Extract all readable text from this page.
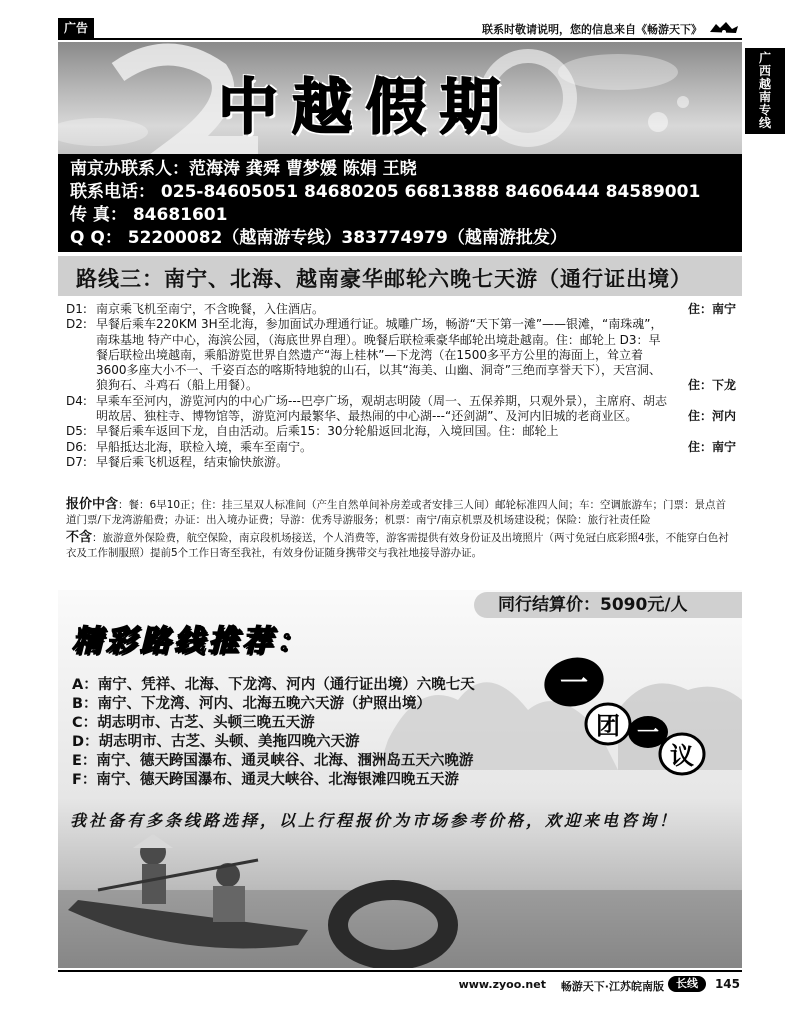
广告	联系时敬请说明，您的信息来自《畅游天下》
广
西
越
南
专
线
中越假期
南京办联系人：范海涛 龚舜 曹梦媛 陈娟 王晓
联系电话： 025-84605051 84680205 66813888 84606444 84589001
传 真： 84681601
Q Q： 52200082（越南游专线）383774979（越南游批发）
路线三：南宁、北海、越南豪华邮轮六晚七天游（通行证出境）
D1: 南京乘飞机至南宁，不含晚餐，入住酒店。	住：南宁
D2: 早餐后乘车220KM 3H至北海，参加面试办理通行证。城雕广场，畅游“天下第一滩”——银滩，“南珠魂”，南珠基地 特产中心，海滨公园，（海底世界自理）。晚餐后联检乘豪华邮轮出境赴越南。住：邮轮上 D3：早餐后联检出境越南，乘船游览世界自然遗产“海上桂林”—下龙湾（在1500多平方公里的海面上，耸立着3600多座大小不一、千姿百态的喀斯特地貌的山石，以其“海美、山幽、洞奇”三绝而享誉天下），天宫洞、狼狗石、斗鸡石（船上用餐）。	住：下龙
D4: 早乘车至河内，游览河内的中心广场---巴亭广场，观胡志明陵（周一、五保养期，只观外景），主席府、胡志明故居、独柱寺、博物馆等，游览河内最繁华、最热闹的中心湖---“还剑湖”、及河内旧城的老商业区。	住：河内
D5: 早餐后乘车返回下龙，自由活动。后乘15：30分轮船返回北海，入境回国。住：邮轮上
D6: 早船抵达北海，联检入境，乘车至南宁。	住：南宁
D7: 早餐后乘飞机返程，结束愉快旅游。
报价中含：餐：6早10正；住：挂三星双人标准间（产生自然单间补房差或者安排三人间）邮轮标准四人间；车：空调旅游车；门票：景点首道门票/下龙湾游船费；办证：出入境办证费；导游：优秀导游服务；机票：南宁/南京机票及机场建设税；保险：旅行社责任险
不含：旅游意外保险费，航空保险，南京段机场接送，个人消费等，游客需提供有效身份证及出境照片（两寸免冠白底彩照4张，不能穿白色衬衣及工作制服照）提前5个工作日寄至我社，有效身份证随身携带交与我社地接导游办证。
同行结算价：5090元/人
精彩路线推荐：
A：南宁、凭祥、北海、下龙湾、河内（通行证出境）六晚七天
B：南宁、下龙湾、河内、北海五晚六天游（护照出境）
C：胡志明市、古芝、头顿三晚五天游
D：胡志明市、古芝、头顿、美拖四晚六天游
E：南宁、德天跨国瀑布、通灵峡谷、北海、涠洲岛五天六晚游
F：南宁、德天跨国瀑布、通灵大峡谷、北海银滩四晚五天游
一
团 一
议
我社备有多条线路选择，以上行程报价为市场参考价格，欢迎来电咨询！
www.zyoo.net 畅游天下·江苏皖南版	长线	145
